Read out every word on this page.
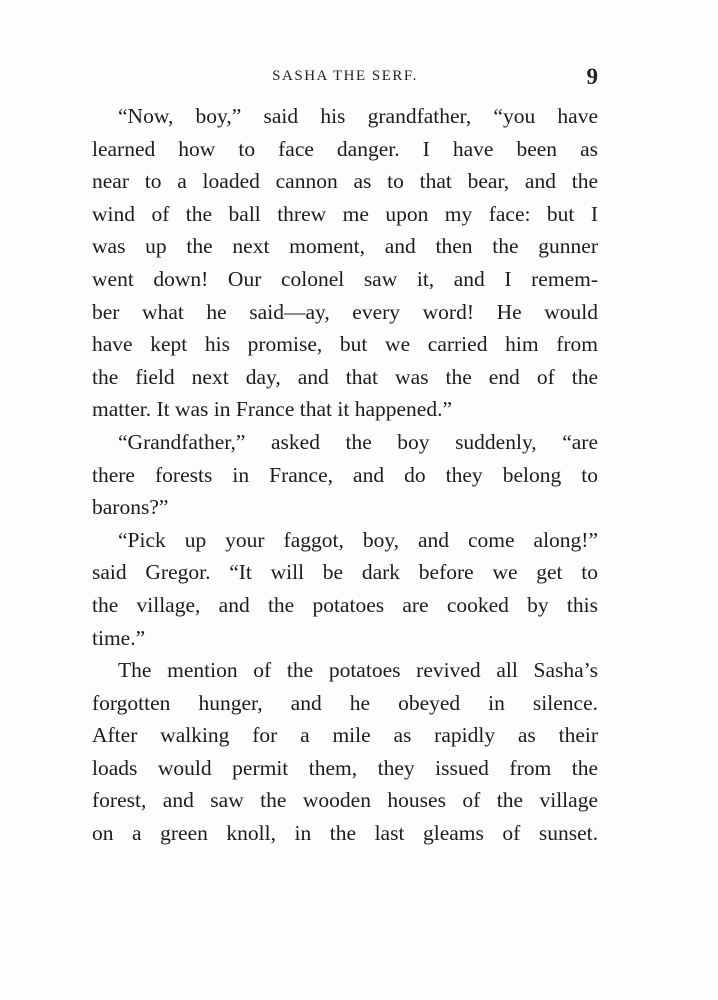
SASHA THE SERF.	9
“Now, boy,” said his grandfather, “you have
learned how to face danger. I have been as
near to a loaded cannon as to that bear, and the
wind of the ball threw me upon my face: but I
was up the next moment, and then the gunner
went down! Our colonel saw it, and I remem-
ber what he said—ay, every word! He would
have kept his promise, but we carried him from
the field next day, and that was the end of the
matter. It was in France that it happened.”
“Grandfather,” asked the boy suddenly, “are
there forests in France, and do they belong to
barons?”
“Pick up your faggot, boy, and come along!”
said Gregor. “It will be dark before we get to
the village, and the potatoes are cooked by this
time.”
The mention of the potatoes revived all Sasha’s
forgotten hunger, and he obeyed in silence.
After walking for a mile as rapidly as their
loads would permit them, they issued from the
forest, and saw the wooden houses of the village
on a green knoll, in the last gleams of sunset.
